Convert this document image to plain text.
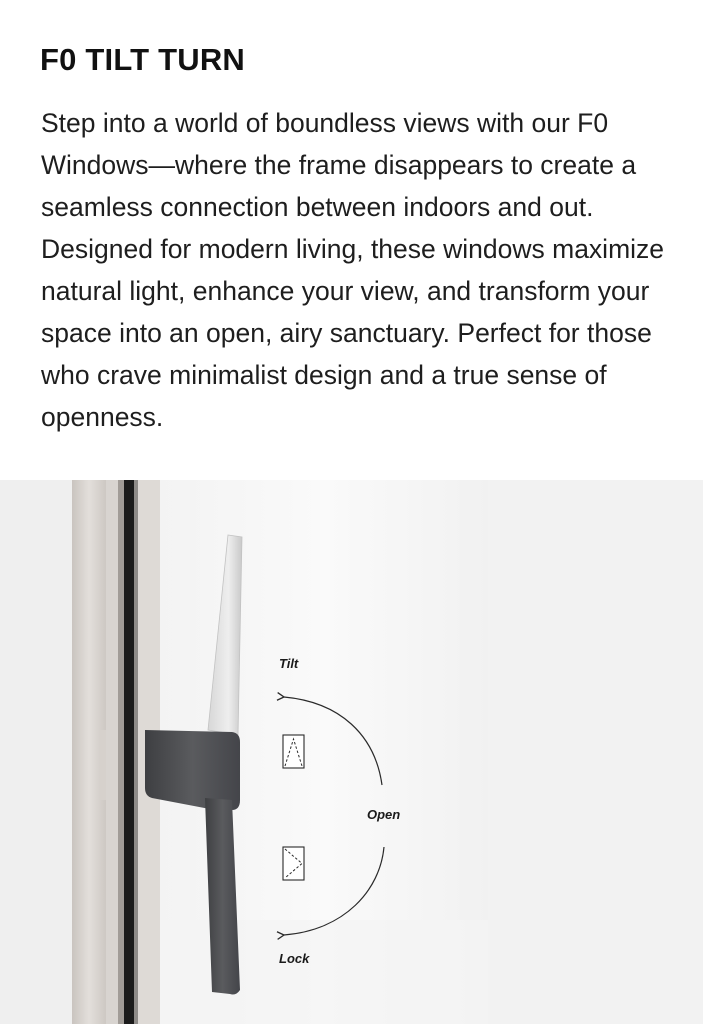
F0 TILT TURN

Step into a world of boundless views with our F0 Windows—where the frame disappears to create a seamless connection between indoors and out. Designed for modern living, these windows maximize natural light, enhance your view, and transform your space into an open, airy sanctuary. Perfect for those who crave minimalist design and a true sense of openness.

Tilt
Open
Lock
